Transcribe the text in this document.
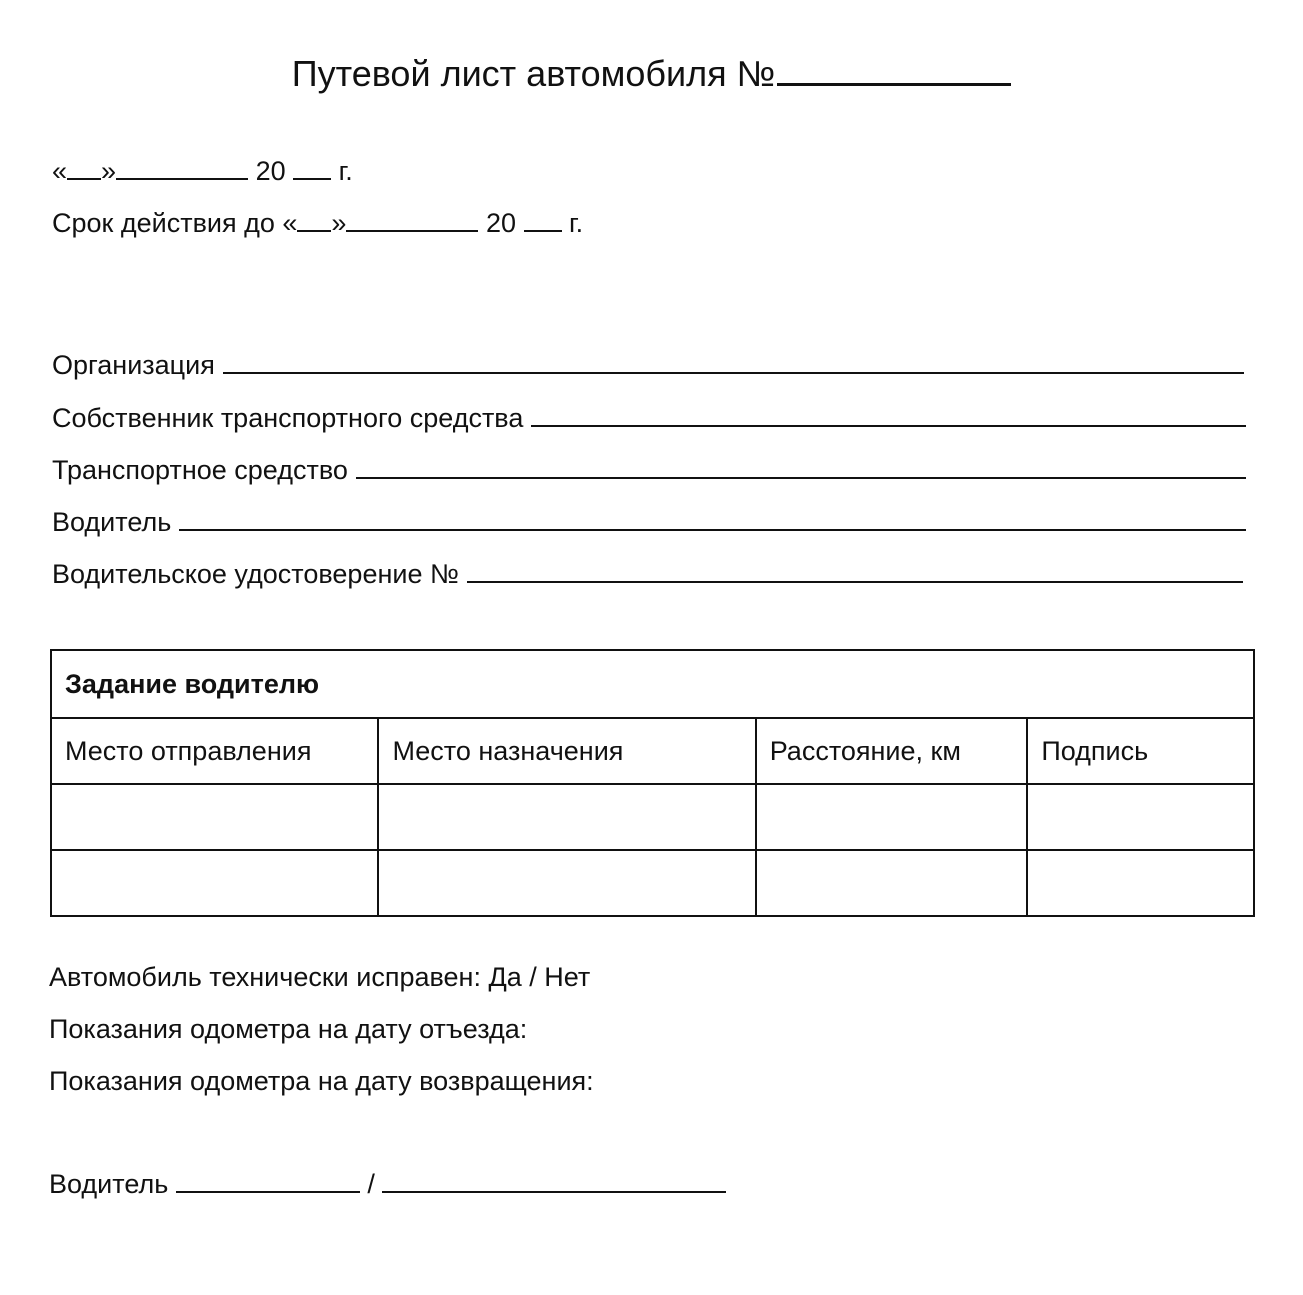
Путевой лист автомобиля №
« »	20 г.
Срок действия до « »	20 г.
Организация
Собственник транспортного средства
Транспортное средство
Водитель
Водительское удостоверение №
Задание водителю			
Место отправления	Место назначения	Расстояние, км	Подпись

Автомобиль технически исправен: Да / Нет
Показания одометра на дату отъезда:
Показания одометра на дату возвращения:
Водитель	/
